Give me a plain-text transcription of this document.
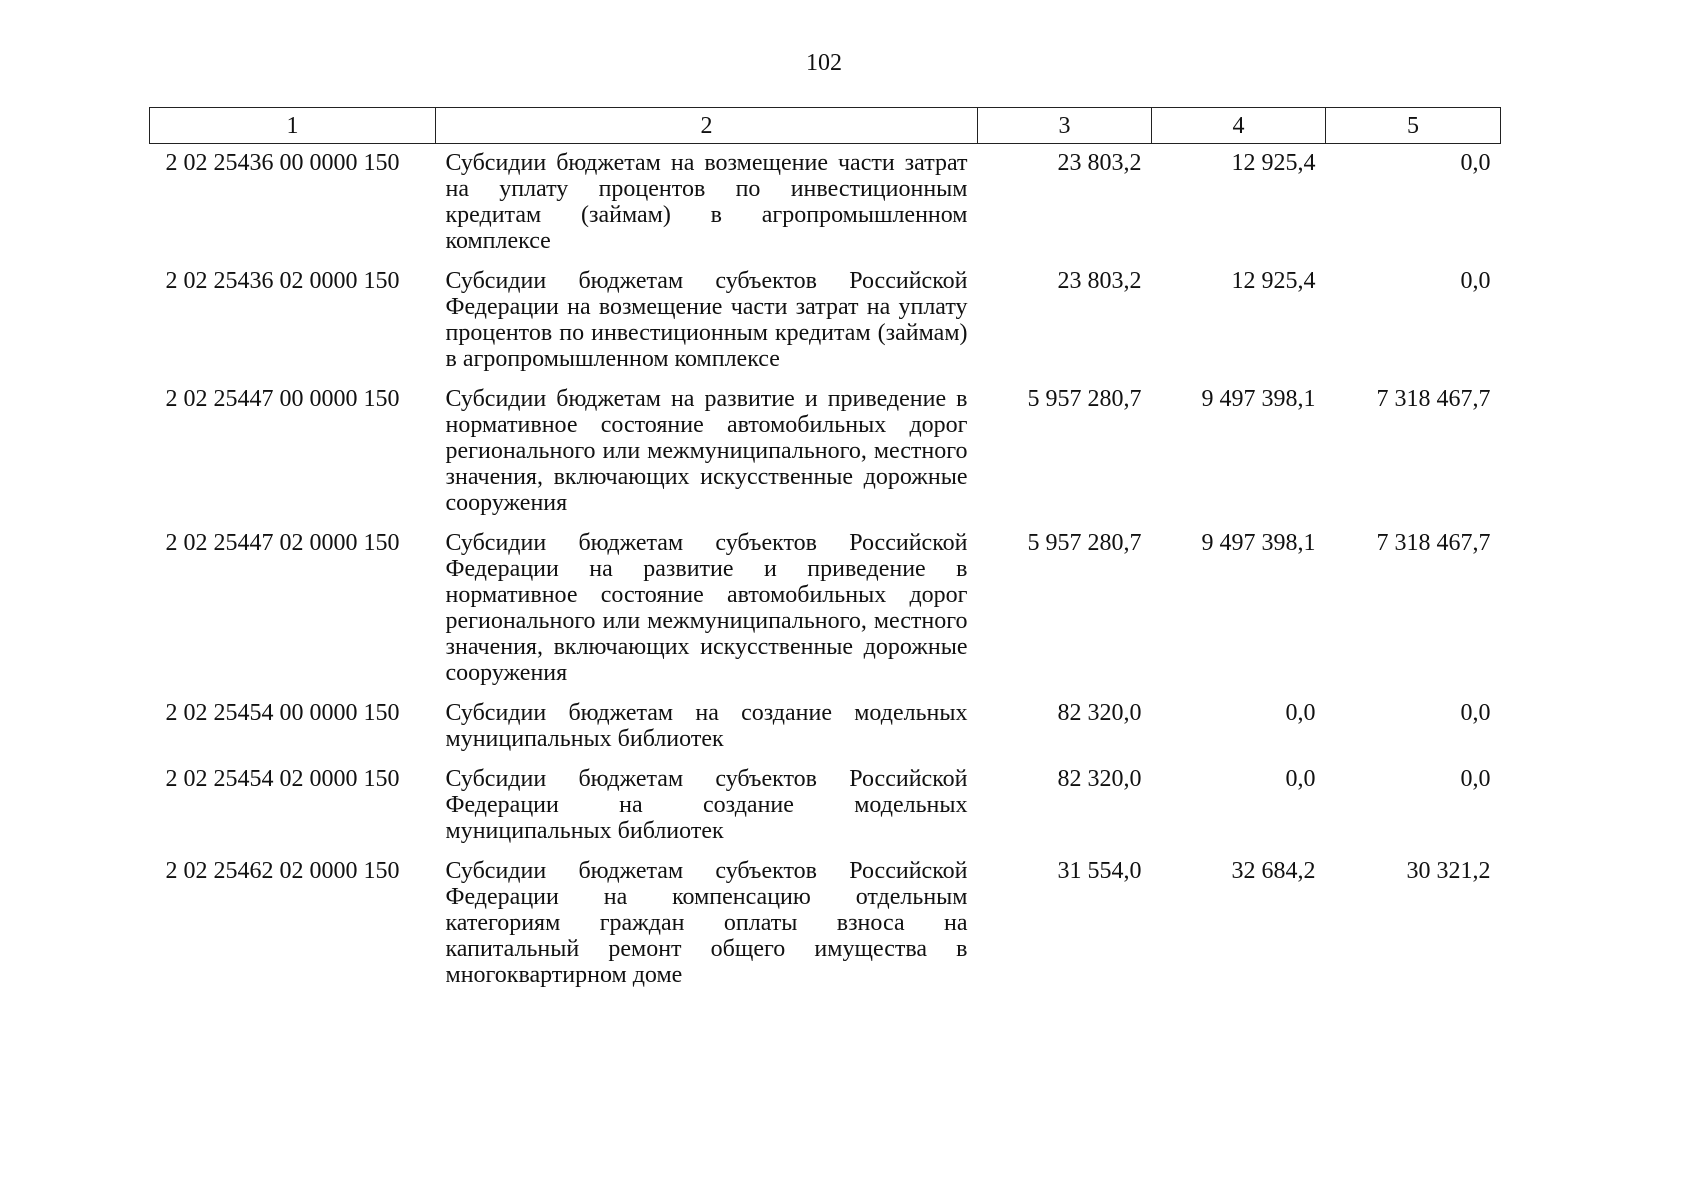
102
1	2	3	4	5
2 02 25436 00 0000 150	Субсидии бюджетам на возмещение части затрат на уплату процентов по инвестиционным кредитам (займам) в агропромышленном комплексе	23 803,2	12 925,4	0,0
2 02 25436 02 0000 150	Субсидии бюджетам субъектов Российской Федерации на возмещение части затрат на уплату процентов по инвестиционным кредитам (займам) в агропромышленном комплексе	23 803,2	12 925,4	0,0
2 02 25447 00 0000 150	Субсидии бюджетам на развитие и приведение в нормативное состояние автомобильных дорог регионального или межмуниципального, местного значения, включающих искусственные дорожные сооружения	5 957 280,7	9 497 398,1	7 318 467,7
2 02 25447 02 0000 150	Субсидии бюджетам субъектов Российской Федерации на развитие и приведение в нормативное состояние автомобильных дорог регионального или межмуниципального, местного значения, включающих искусственные дорожные сооружения	5 957 280,7	9 497 398,1	7 318 467,7
2 02 25454 00 0000 150	Субсидии бюджетам на создание модельных муниципальных библиотек	82 320,0	0,0	0,0
2 02 25454 02 0000 150	Субсидии бюджетам субъектов Российской Федерации на создание модельных муниципальных библиотек	82 320,0	0,0	0,0
2 02 25462 02 0000 150	Субсидии бюджетам субъектов Российской Федерации на компенсацию отдельным категориям граждан оплаты взноса на капитальный ремонт общего имущества в многоквартирном доме	31 554,0	32 684,2	30 321,2
